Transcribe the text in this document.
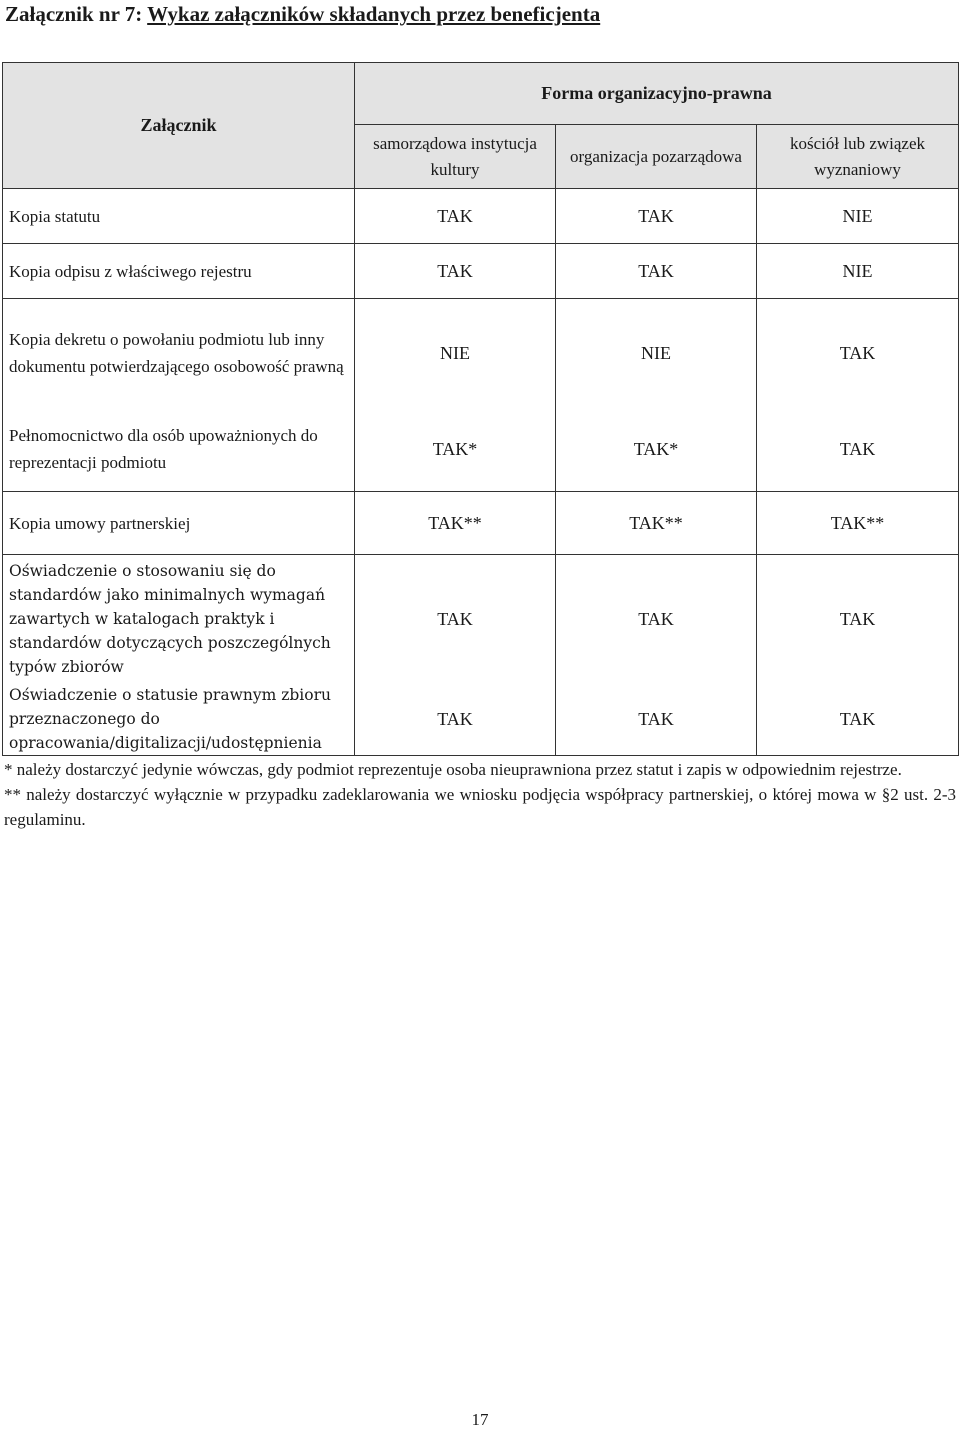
Załącznik nr 7: Wykaz załączników składanych przez beneficjenta
Załącznik	Forma organizacyjno-prawna		
	samorządowa instytucja kultury	organizacja pozarządowa	kościół lub związek wyznaniowy
Kopia statutu	TAK	TAK	NIE
Kopia odpisu z właściwego rejestru	TAK	TAK	NIE
Kopia dekretu o powołaniu podmiotu lub inny dokumentu potwierdzającego osobowość prawną	NIE	NIE	TAK
Pełnomocnictwo dla osób upoważnionych do reprezentacji podmiotu	TAK*	TAK*	TAK
Kopia umowy partnerskiej	TAK**	TAK**	TAK**
Oświadczenie o stosowaniu się do standardów jako minimalnych wymagań zawartych w katalogach praktyk i standardów dotyczących poszczególnych typów zbiorów	TAK	TAK	TAK
Oświadczenie o statusie prawnym zbioru przeznaczonego do opracowania/digitalizacji/udostępnienia	TAK	TAK	TAK

* należy dostarczyć jedynie wówczas, gdy podmiot reprezentuje osoba nieuprawniona przez statut i zapis w odpowiednim rejestrze.

** należy dostarczyć wyłącznie w przypadku zadeklarowania we wniosku podjęcia współpracy partnerskiej, o której mowa w §2 ust. 2-3 regulaminu.

17
